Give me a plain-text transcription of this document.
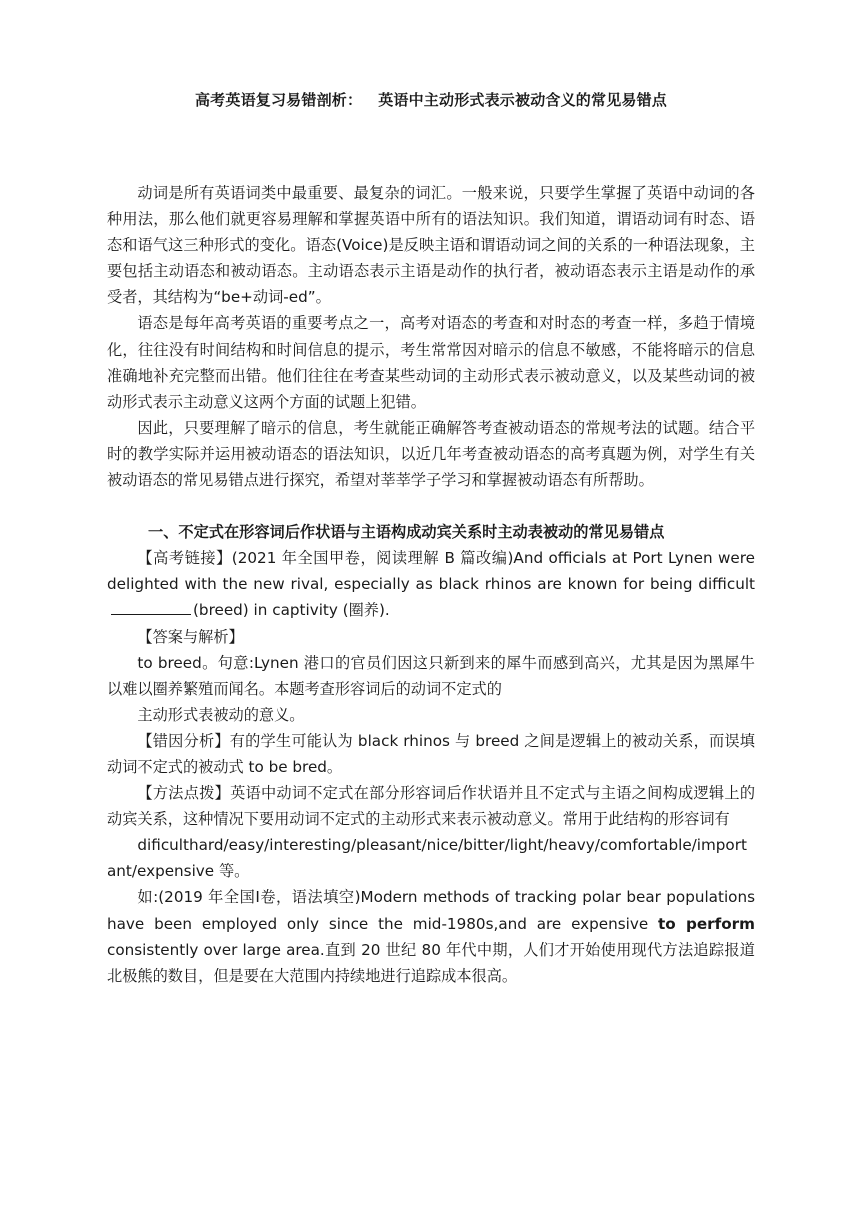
高考英语复习易错剖析： 英语中主动形式表示被动含义的常见易错点

动词是所有英语词类中最重要、最复杂的词汇。一般来说，只要学生掌握了英语中动词的各种用法，那么他们就更容易理解和掌握英语中所有的语法知识。我们知道，谓语动词有时态、语态和语气这三种形式的变化。语态(Voice)是反映主语和谓语动词之间的关系的一种语法现象，主要包括主动语态和被动语态。主动语态表示主语是动作的执行者，被动语态表示主语是动作的承受者，其结构为“be+动词-ed”。

语态是每年高考英语的重要考点之一，高考对语态的考查和对时态的考查一样，多趋于情境化，往往没有时间结构和时间信息的提示，考生常常因对暗示的信息不敏感，不能将暗示的信息准确地补充完整而出错。他们往往在考查某些动词的主动形式表示被动意义，以及某些动词的被动形式表示主动意义这两个方面的试题上犯错。

因此，只要理解了暗示的信息，考生就能正确解答考查被动语态的常规考法的试题。结合平时的教学实际并运用被动语态的语法知识，以近几年考查被动语态的高考真题为例，对学生有关被动语态的常见易错点进行探究，希望对莘莘学子学习和掌握被动语态有所帮助。

一、不定式在形容词后作状语与主语构成动宾关系时主动表被动的常见易错点

【高考链接】(2021 年全国甲卷，阅读理解 B 篇改编)And officials at Port Lynen were delighted with the new rival, especially as black rhinos are known for being difficult (breed) in captivity (圈养).

【答案与解析】

to breed。句意:Lynen 港口的官员们因这只新到来的犀牛而感到高兴，尤其是因为黑犀牛以难以圈养繁殖而闻名。本题考查形容词后的动词不定式的

主动形式表被动的意义。

【错因分析】有的学生可能认为 black rhinos 与 breed 之间是逻辑上的被动关系，而误填动词不定式的被动式 to be bred。

【方法点拨】英语中动词不定式在部分形容词后作状语并且不定式与主语之间构成逻辑上的动宾关系，这种情况下要用动词不定式的主动形式来表示被动意义。常用于此结构的形容词有

dificulthard/easy/interesting/pleasant/nice/bitter/light/heavy/comfortable/important/expensive 等。

如:(2019 年全国Ⅰ卷，语法填空)Modern methods of tracking polar bear populations have been employed only since the mid-1980s,and are expensive to perform consistently over large area.直到 20 世纪 80 年代中期，人们才开始使用现代方法追踪报道北极熊的数目，但是要在大范围内持续地进行追踪成本很高。
